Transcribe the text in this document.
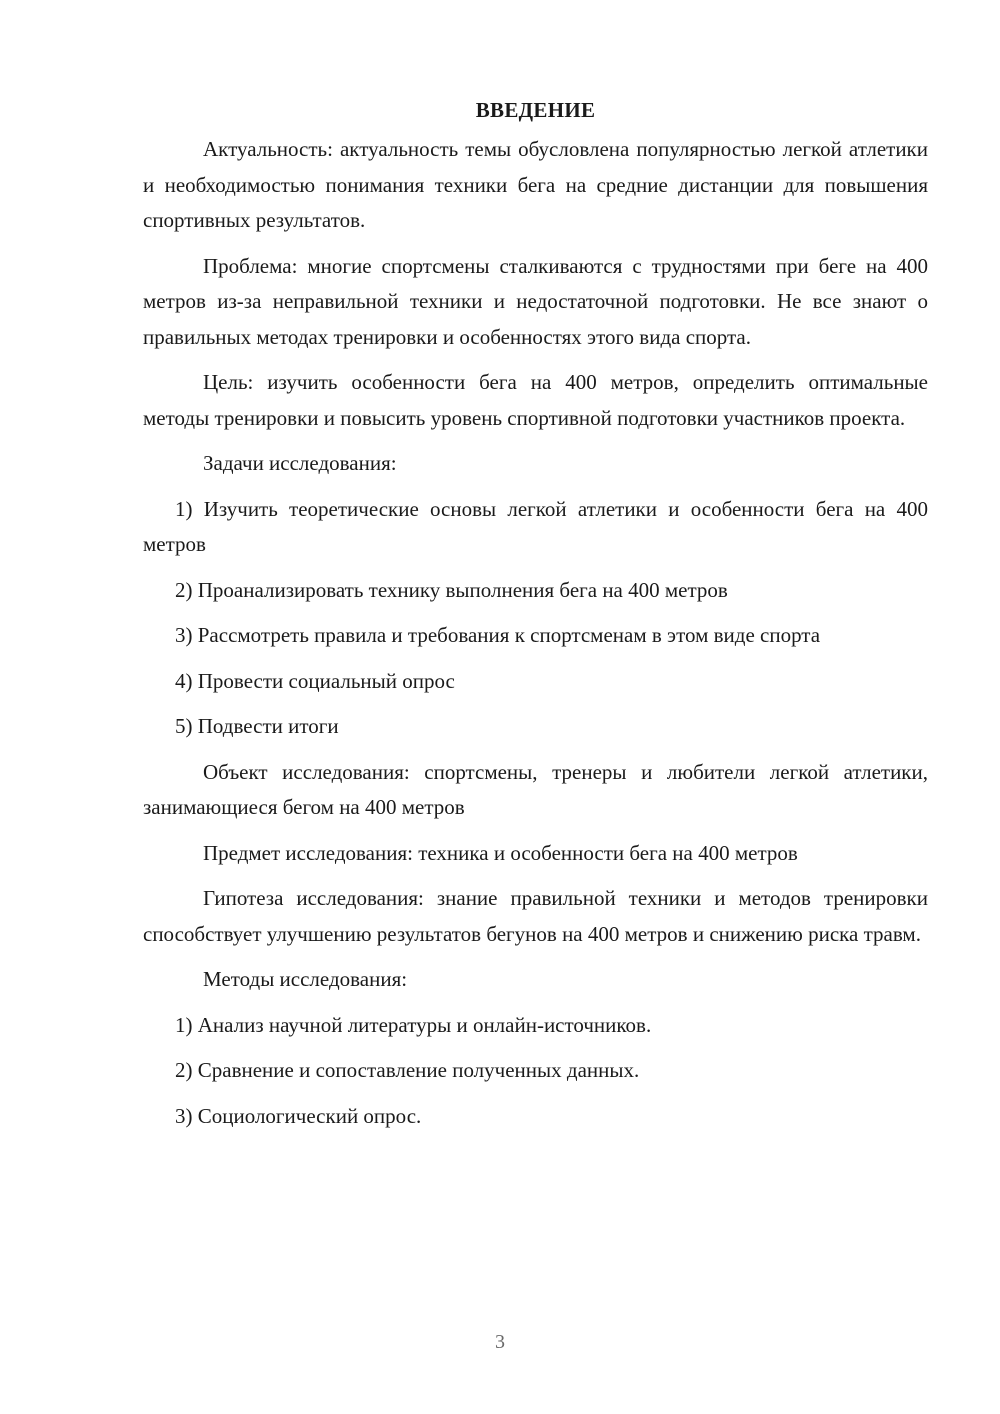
ВВЕДЕНИЕ

Актуальность: актуальность темы обусловлена популярностью легкой атлетики и необходимостью понимания техники бега на средние дистанции для повышения спортивных результатов.

Проблема: многие спортсмены сталкиваются с трудностями при беге на 400 метров из-за неправильной техники и недостаточной подготовки. Не все знают о правильных методах тренировки и особенностях этого вида спорта.

Цель: изучить особенности бега на 400 метров, определить оптимальные методы тренировки и повысить уровень спортивной подготовки участников проекта.

Задачи исследования:

1) Изучить теоретические основы легкой атлетики и особенности бега на 400 метров

2) Проанализировать технику выполнения бега на 400 метров

3) Рассмотреть правила и требования к спортсменам в этом виде спорта

4) Провести социальный опрос

5) Подвести итоги

Объект исследования: спортсмены, тренеры и любители легкой атлетики, занимающиеся бегом на 400 метров

Предмет исследования: техника и особенности бега на 400 метров

Гипотеза исследования: знание правильной техники и методов тренировки способствует улучшению результатов бегунов на 400 метров и снижению риска травм.

Методы исследования:

1) Анализ научной литературы и онлайн-источников.

2) Сравнение и сопоставление полученных данных.

3) Социологический опрос.

3
